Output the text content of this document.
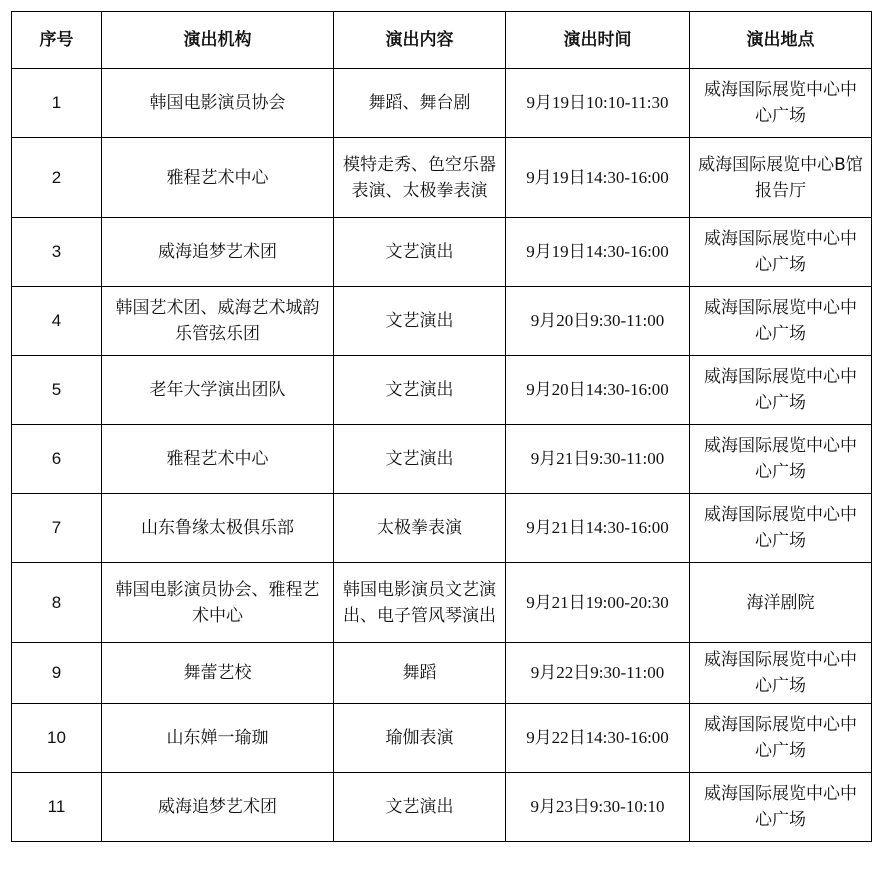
序号	演出机构	演出内容	演出时间	演出地点
1	韩国电影演员协会	舞蹈、舞台剧	9月19日10:10-11:30	威海国际展览中心中心广场
2	雅程艺术中心	模特走秀、色空乐器表演、太极拳表演	9月19日14:30-16:00	威海国际展览中心B馆报告厅
3	威海追梦艺术团	文艺演出	9月19日14:30-16:00	威海国际展览中心中心广场
4	韩国艺术团、威海艺术城韵乐管弦乐团	文艺演出	9月20日9:30-11:00	威海国际展览中心中心广场
5	老年大学演出团队	文艺演出	9月20日14:30-16:00	威海国际展览中心中心广场
6	雅程艺术中心	文艺演出	9月21日9:30-11:00	威海国际展览中心中心广场
7	山东鲁缘太极俱乐部	太极拳表演	9月21日14:30-16:00	威海国际展览中心中心广场
8	韩国电影演员协会、雅程艺术中心	韩国电影演员文艺演出、电子管风琴演出	9月21日19:00-20:30	海洋剧院
9	舞蕾艺校	舞蹈	9月22日9:30-11:00	威海国际展览中心中心广场
10	山东婵一瑜珈	瑜伽表演	9月22日14:30-16:00	威海国际展览中心中心广场
11	威海追梦艺术团	文艺演出	9月23日9:30-10:10	威海国际展览中心中心广场
